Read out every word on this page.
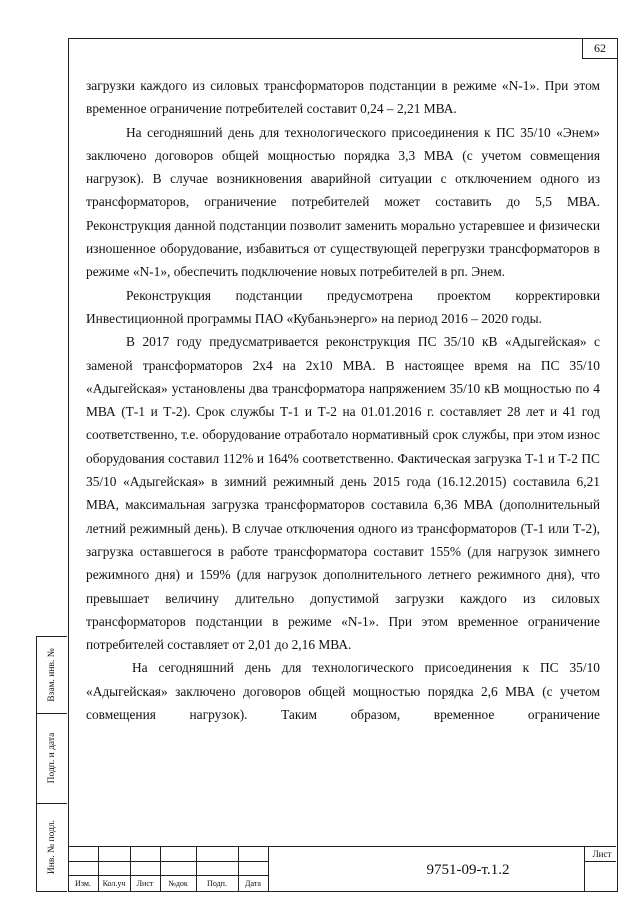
62

загрузки каждого из силовых трансформаторов подстанции в режиме «N-1». При этом временное ограничение потребителей составит 0,24 – 2,21 МВА.

На сегодняшний день для технологического присоединения к ПС 35/10 «Энем» заключено договоров общей мощностью порядка 3,3 МВА (с учетом совмещения нагрузок). В случае возникновения аварийной ситуации с отключением одного из трансформаторов, ограничение потребителей может составить до 5,5 МВА. Реконструкция данной подстанции позволит заменить морально устаревшее и физически изношенное оборудование, избавиться от существующей перегрузки трансформаторов в режиме «N-1», обеспечить подключение новых потребителей в рп. Энем.

Реконструкция подстанции предусмотрена проектом корректировки Инвестиционной программы ПАО «Кубаньэнерго» на период 2016 – 2020 годы.

В 2017 году предусматривается реконструкция ПС 35/10 кВ «Адыгейская» с заменой трансформаторов 2х4 на 2х10 МВА. В настоящее время на ПС 35/10 «Адыгейская» установлены два трансформатора напряжением 35/10 кВ мощностью по 4 МВА (Т-1 и Т-2). Срок службы Т-1 и Т-2 на 01.01.2016 г. составляет 28 лет и 41 год соответственно, т.е. оборудование отработало нормативный срок службы, при этом износ оборудования составил 112% и 164% соответственно. Фактическая загрузка Т-1 и Т-2 ПС 35/10 «Адыгейская» в зимний режимный день 2015 года (16.12.2015) составила 6,21 МВА, максимальная загрузка трансформаторов составила 6,36 МВА (дополнительный летний режимный день). В случае отключения одного из трансформаторов (Т-1 или Т-2), загрузка оставшегося в работе трансформатора составит 155% (для нагрузок зимнего режимного дня) и 159% (для нагрузок дополнительного летнего режимного дня), что превышает величину длительно допустимой загрузки каждого из силовых трансформаторов подстанции в режиме «N-1». При этом временное ограничение потребителей составляет от 2,01 до 2,16 МВА.

На сегодняшний день для технологического присоединения к ПС 35/10 «Адыгейская» заключено договоров общей мощностью порядка 2,6 МВА (с учетом совмещения нагрузок). Таким образом, временное ограничение

Взам. инв. №
Подп. и дата
Инв. № подл.
Изм.	Кол.уч	Лист	№док	Подп.	Дата
9751-09-т.1.2
Лист
